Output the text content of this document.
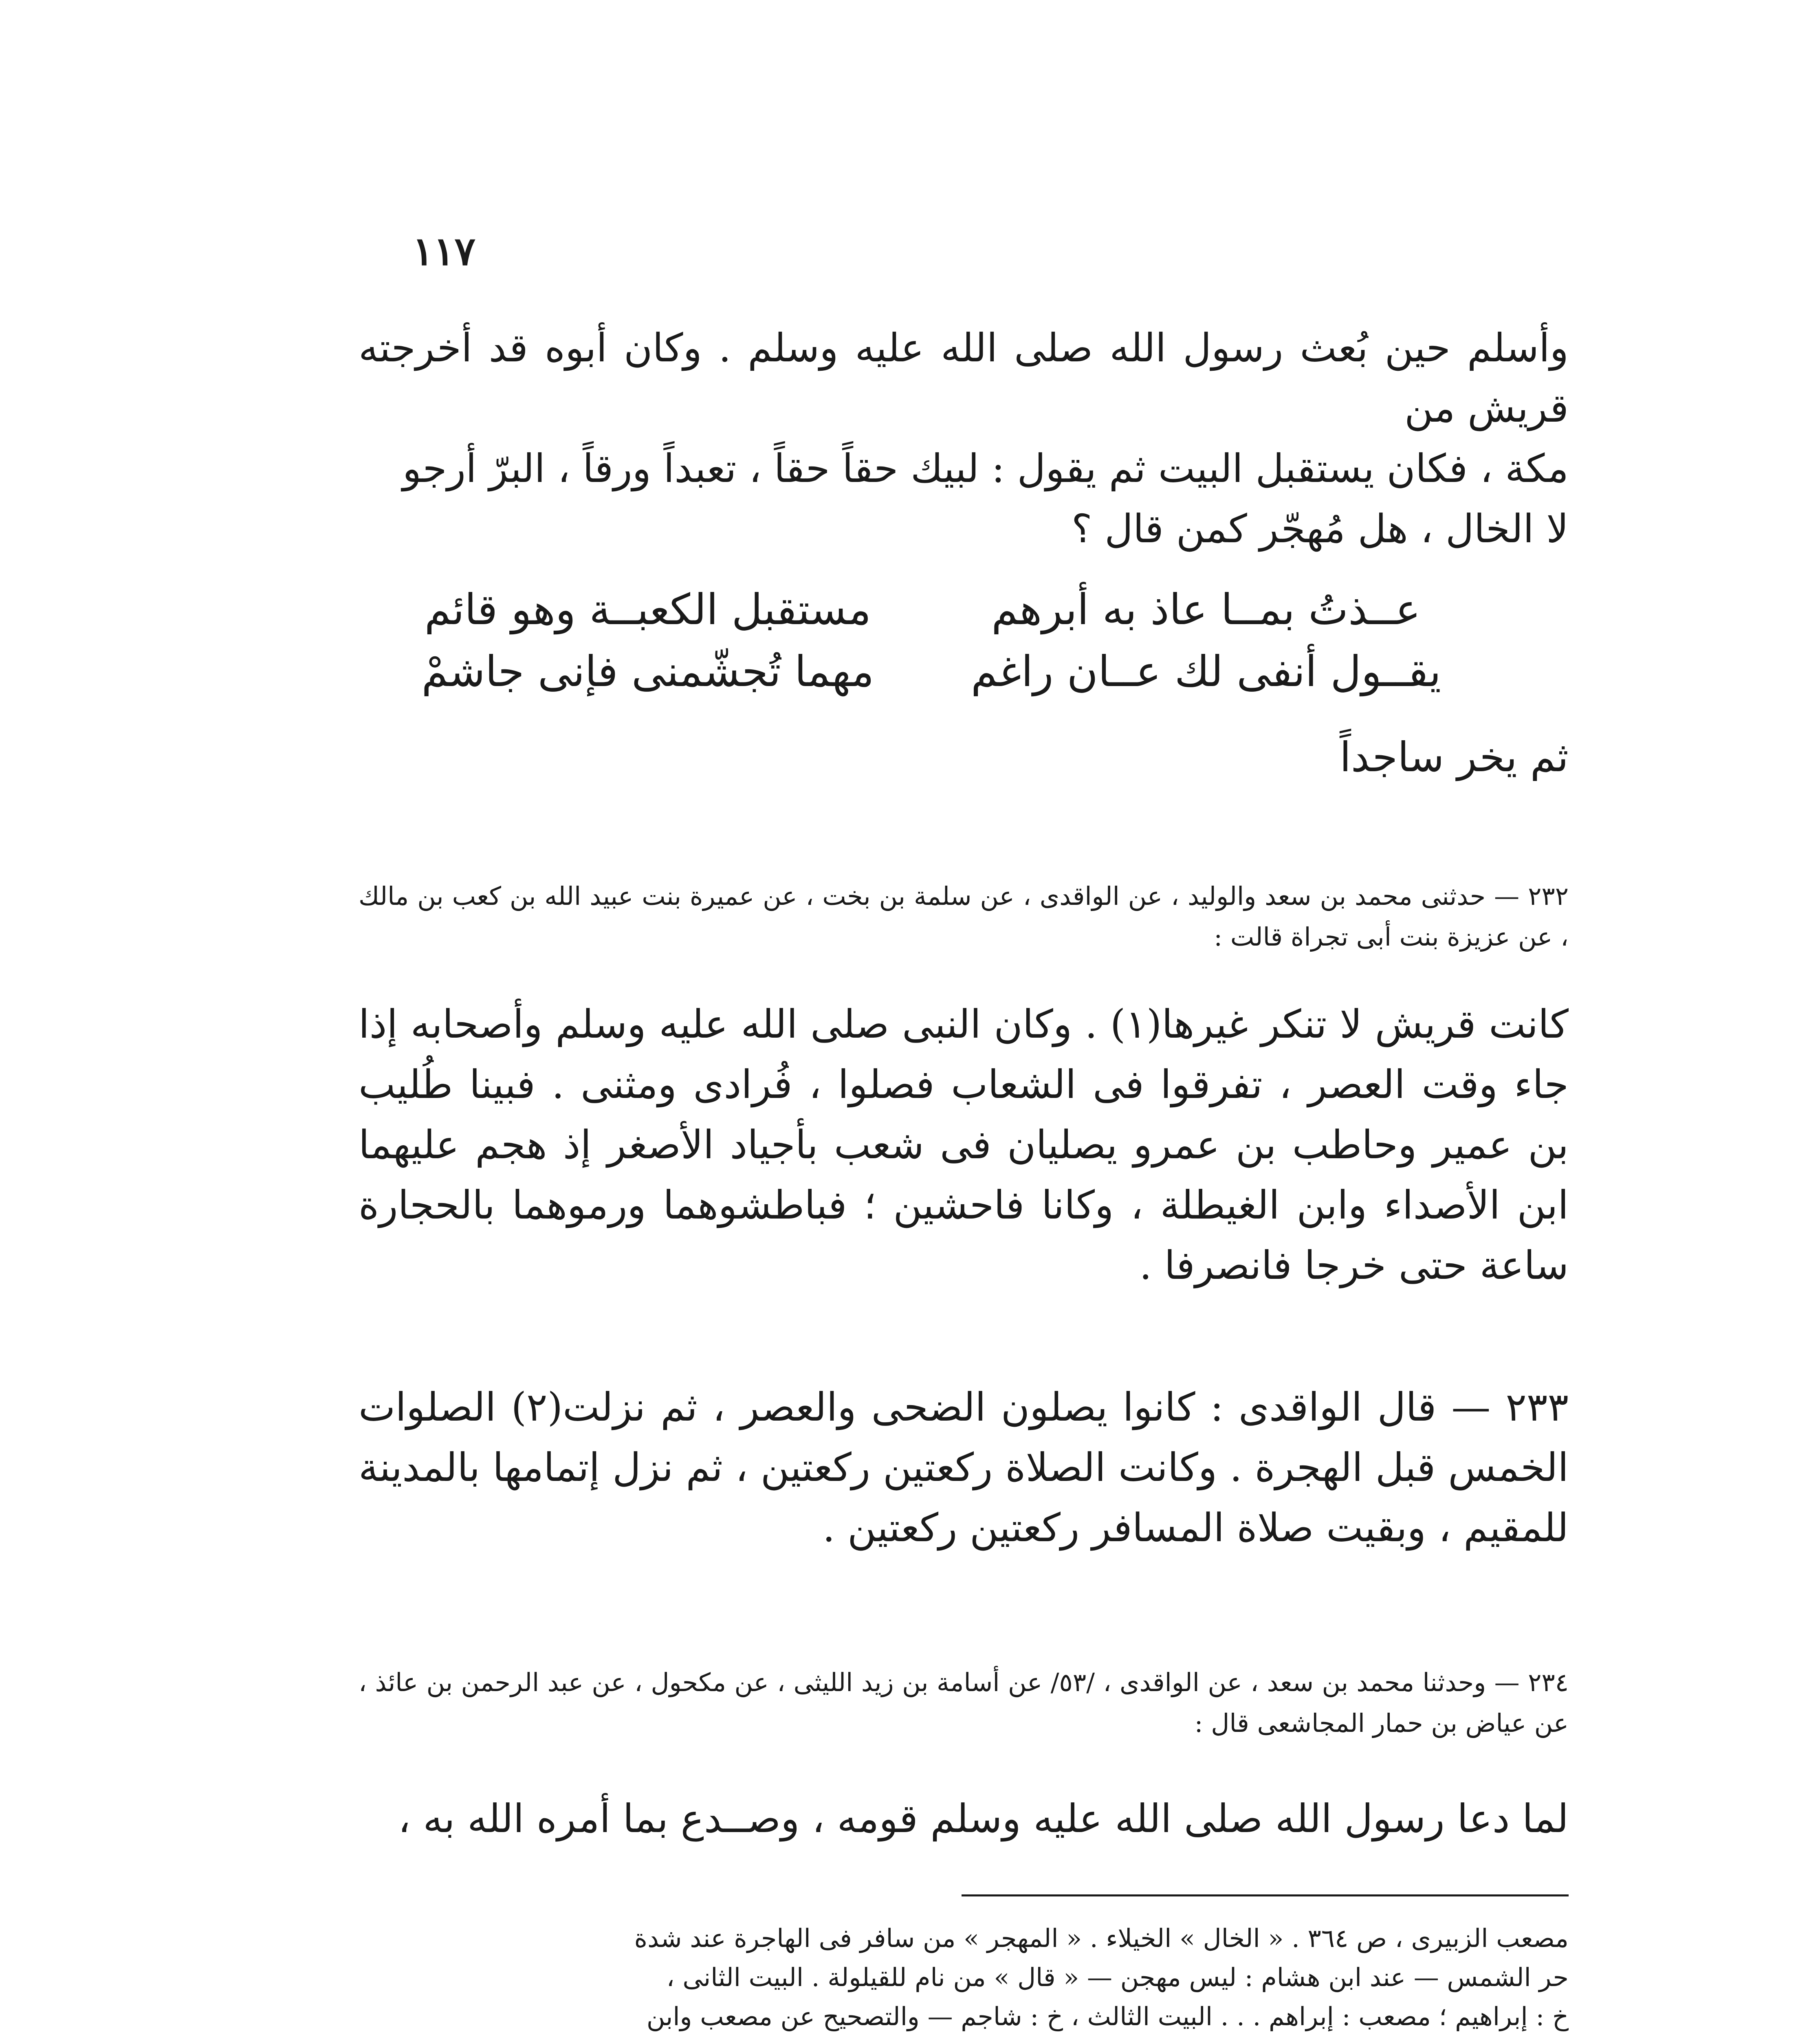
١١٧
وأسلم حين بُعث رسول الله صلى الله عليه وسلم . وكان أبوه قد أخرجته قريش من
مكة ، فكان يستقبل البيت ثم يقول : لبيك حقاً حقاً ، تعبداً ورقاً ، البرّ أرجو
لا الخال ، هل مُهجّر كمن قال ؟
عــذتُ بمــا عاذ به أبرهم
مستقبل الكعبــة وهو قائم
يقــول أنفى لك عــان راغم
مهما تُجشّمنى فإنى جاشمْ
ثم يخر ساجداً
٢٣٢ — حدثنى محمد بن سعد والوليد ، عن الواقدى ، عن سلمة بن بخت ، عن عميرة بنت عبيد الله بن كعب بن مالك ، عن عزيزة بنت أبى تجراة قالت :
كانت قريش لا تنكر غيرها(١) . وكان النبى صلى الله عليه وسلم وأصحابه إذا جاء وقت العصر ، تفرقوا فى الشعاب فصلوا ، فُرادى ومثنى . فبينا طُليب بن عمير وحاطب بن عمرو يصليان فى شعب بأجياد الأصغر إذ هجم عليهما ابن الأصداء وابن الغيطلة ، وكانا فاحشين ؛ فباطشوهما ورموهما بالحجارة ساعة حتى خرجا فانصرفا .
٢٣٣ — قال الواقدى : كانوا يصلون الضحى والعصر ، ثم نزلت(٢) الصلوات الخمس قبل الهجرة . وكانت الصلاة ركعتين ركعتين ، ثم نزل إتمامها بالمدينة للمقيم ، وبقيت صلاة المسافر ركعتين ركعتين .
٢٣٤ — وحدثنا محمد بن سعد ، عن الواقدى ، /٥٣/ عن أسامة بن زيد الليثى ، عن مكحول ، عن عبد الرحمن بن عائذ ، عن عياض بن حمار المجاشعى قال :
لما دعا رسول الله صلى الله عليه وسلم قومه ، وصــدع بما أمره الله به ،
مصعب الزبيرى ، ص ٣٦٤ . « الخال » الخيلاء . « المهجر » من سافر فى الهاجرة عند شدة
حر الشمس — عند ابن هشام : ليس مهجن — « قال » من نام للقيلولة . البيت الثانى ،
خ : إبراهيم ؛ مصعب : إبراهم . . . البيت الثالث ، خ : شاجم — والتصحيح عن مصعب وابن
